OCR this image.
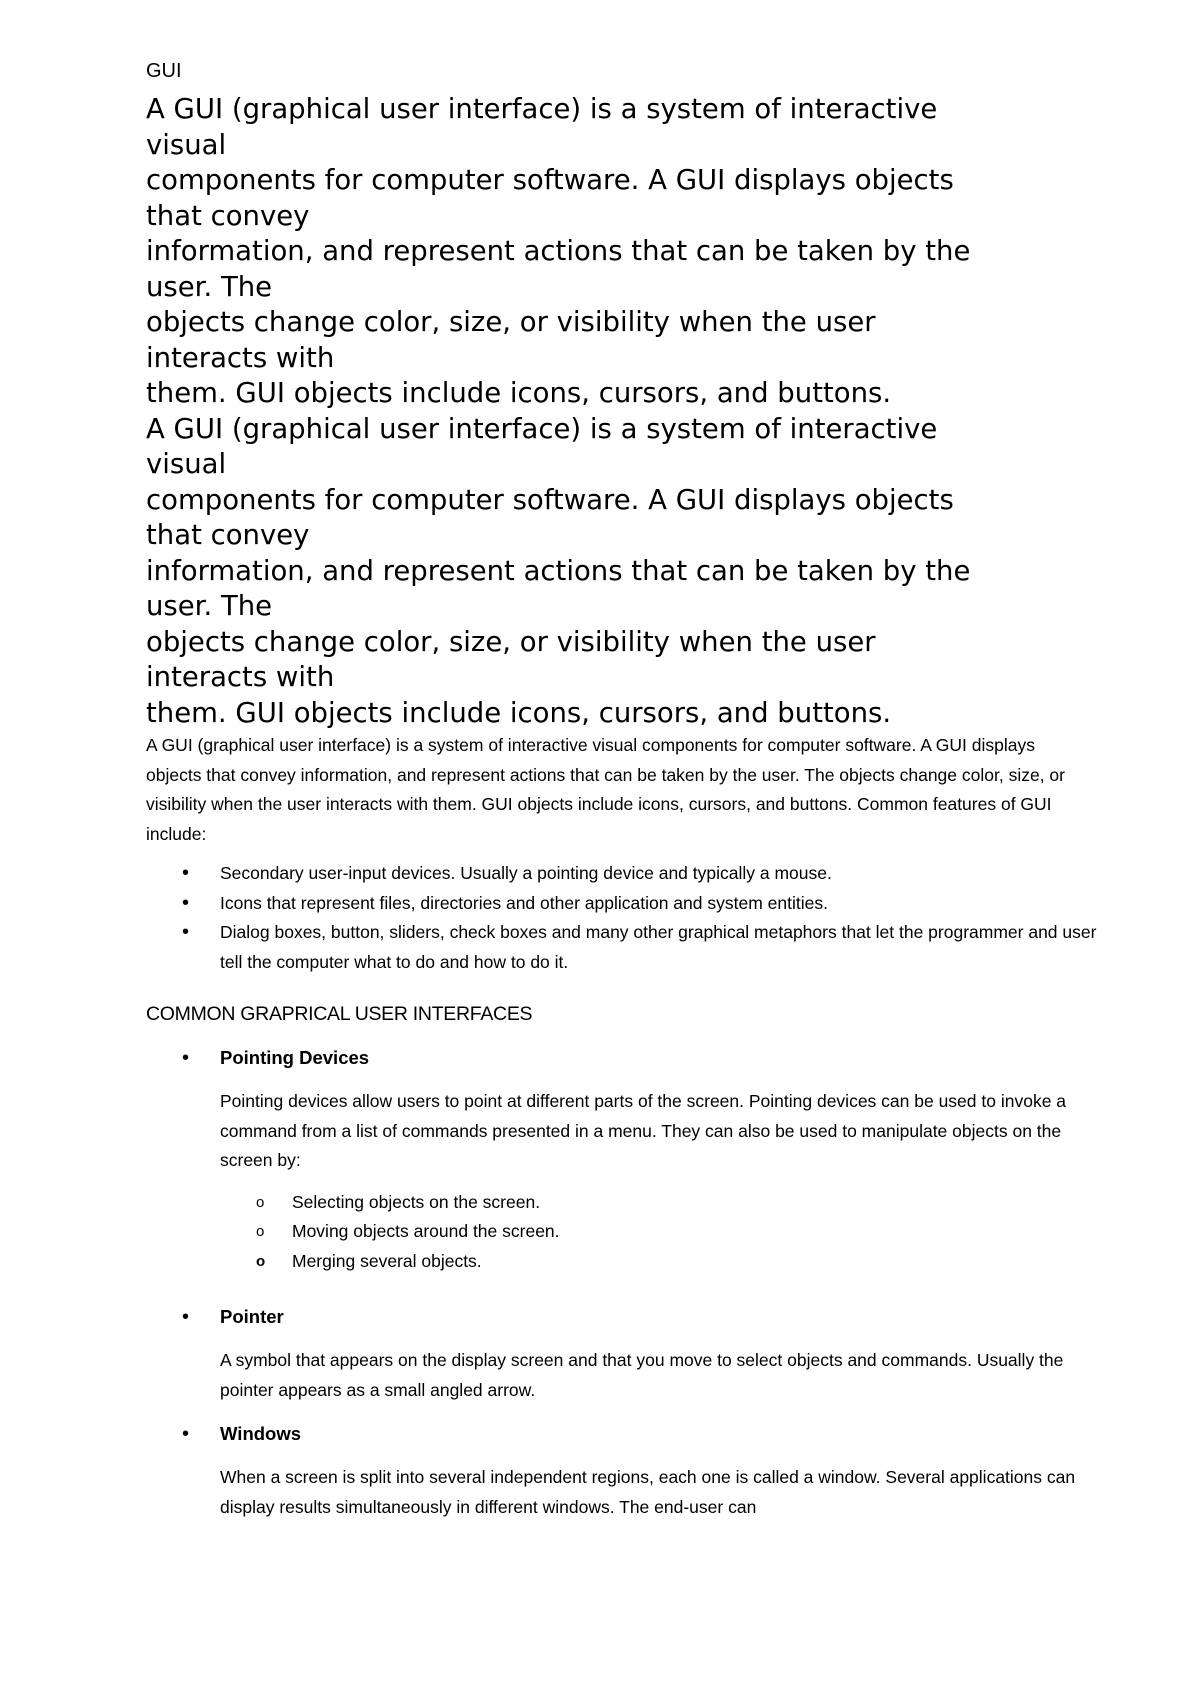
GUI
A GUI (graphical user interface) is a system of interactive
visual
components for computer software. A GUI displays objects
that convey
information, and represent actions that can be taken by the
user. The
objects change color, size, or visibility when the user
interacts with
them. GUI objects include icons, cursors, and buttons.
A GUI (graphical user interface) is a system of interactive
visual
components for computer software. A GUI displays objects
that convey
information, and represent actions that can be taken by the
user. The
objects change color, size, or visibility when the user
interacts with
them. GUI objects include icons, cursors, and buttons.

A GUI (graphical user interface) is a system of interactive visual components for computer software. A GUI displays objects that convey information, and represent actions that can be taken by the user. The objects change color, size, or visibility when the user interacts with them. GUI objects include icons, cursors, and buttons. Common features of GUI include:

• Secondary user-input devices. Usually a pointing device and typically a mouse.
• Icons that represent files, directories and other application and system entities.
• Dialog boxes, button, sliders, check boxes and many other graphical metaphors that let the programmer and user tell the computer what to do and how to do it.
COMMON GRAPRICAL USER INTERFACES
• Pointing Devices
Pointing devices allow users to point at different parts of the screen. Pointing devices can be used to invoke a command from a list of commands presented in a menu. They can also be used to manipulate objects on the screen by:
o Selecting objects on the screen.
o Moving objects around the screen.
o Merging several objects.
• Pointer
A symbol that appears on the display screen and that you move to select objects and commands. Usually the pointer appears as a small angled arrow.
• Windows
When a screen is split into several independent regions, each one is called a window. Several applications can display results simultaneously in different windows. The end-user can
